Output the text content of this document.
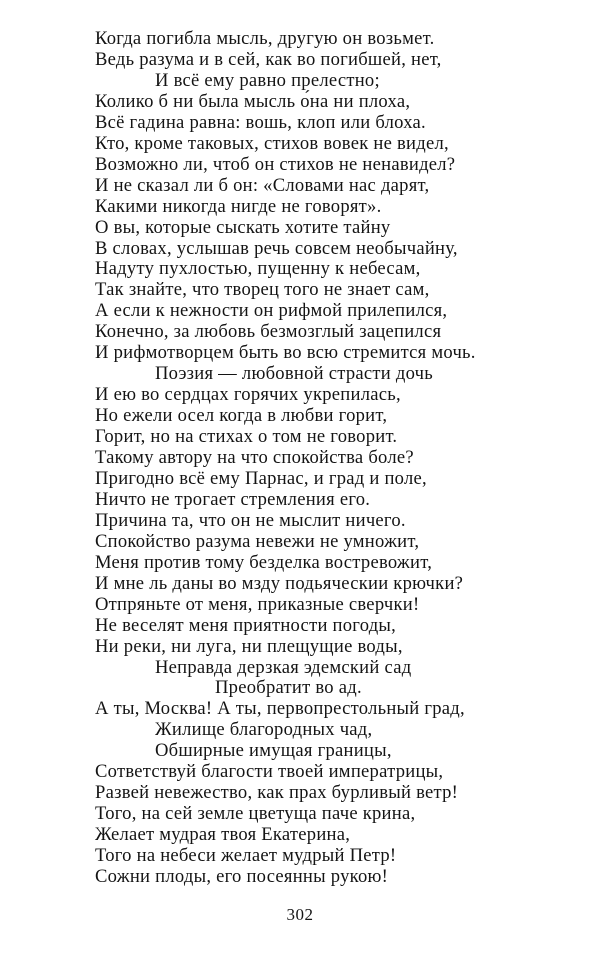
Когда погибла мысль, другую он возьмет.
Ведь разума и в сей, как во погибшей, нет,
И всё ему равно прелестно;
Колико б ни была мысль о́на ни плоха,
Всё гадина равна: вошь, клоп или блоха.
Кто, кроме таковых, стихов вовек не видел,
Возможно ли, чтоб он стихов не ненавидел?
И не сказал ли б он: «Словами нас дарят,
Какими никогда нигде не говорят».
О вы, которые сыскать хотите тайну
В словах, услышав речь совсем необычайну,
Надуту пухлостью, пущенну к небесам,
Так знайте, что творец того не знает сам,
А если к нежности он рифмой прилепился,
Конечно, за любовь безмозглый зацепился
И рифмотворцем быть во всю стремится мочь.
Поэзия — любовной страсти дочь
И ею во сердцах горячих укрепилась,
Но ежели осел когда в любви горит,
Горит, но на стихах о том не говорит.
Такому автору на что спокойства боле?
Пригодно всё ему Парнас, и град и поле,
Ничто не трогает стремления его.
Причина та, что он не мыслит ничего.
Спокойство разума невежи не умножит,
Меня против тому безделка востревожит,
И мне ль даны во мзду подьяческии крючки?
Отпряньте от меня, приказные сверчки!
Не веселят меня приятности погоды,
Ни реки, ни луга, ни плещущие воды,
Неправда дерзкая эдемский сад
Преобратит во ад.
А ты, Москва! А ты, первопрестольный град,
Жилище благородных чад,
Обширные имущая границы,
Сответствуй благости твоей императрицы,
Развей невежество, как прах бурливый ветр!
Того, на сей земле цветуща паче крина,
Желает мудрая твоя Екатерина,
Того на небеси желает мудрый Петр!
Сожни плоды, его посеянны рукою!
302
